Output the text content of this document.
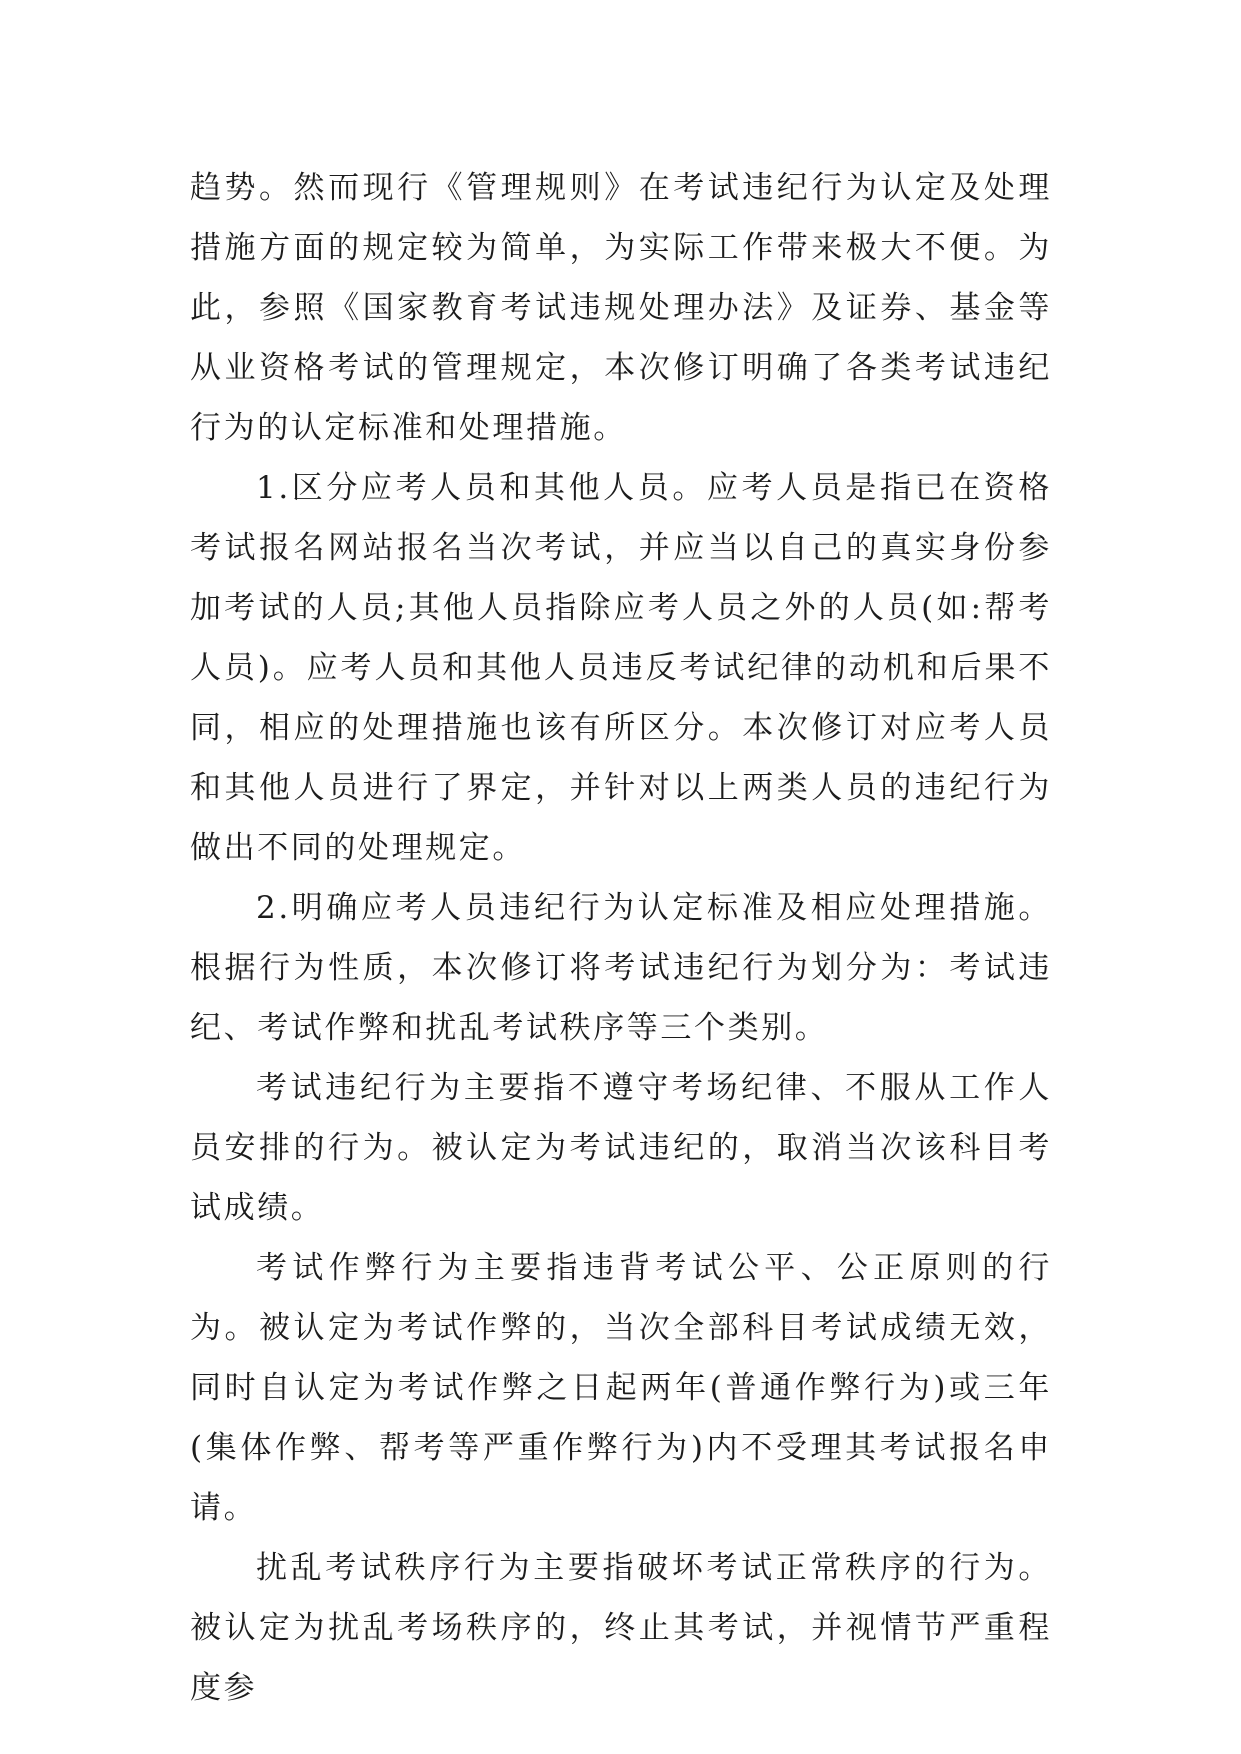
趋势。然而现行《管理规则》在考试违纪行为认定及处理措施方面的规定较为简单，为实际工作带来极大不便。为此，参照《国家教育考试违规处理办法》及证券、基金等从业资格考试的管理规定，本次修订明确了各类考试违纪行为的认定标准和处理措施。

1.区分应考人员和其他人员。应考人员是指已在资格考试报名网站报名当次考试，并应当以自己的真实身份参加考试的人员;其他人员指除应考人员之外的人员(如:帮考人员)。应考人员和其他人员违反考试纪律的动机和后果不同，相应的处理措施也该有所区分。本次修订对应考人员和其他人员进行了界定，并针对以上两类人员的违纪行为做出不同的处理规定。

2.明确应考人员违纪行为认定标准及相应处理措施。根据行为性质，本次修订将考试违纪行为划分为：考试违纪、考试作弊和扰乱考试秩序等三个类别。

考试违纪行为主要指不遵守考场纪律、不服从工作人员安排的行为。被认定为考试违纪的，取消当次该科目考试成绩。

考试作弊行为主要指违背考试公平、公正原则的行为。被认定为考试作弊的，当次全部科目考试成绩无效，同时自认定为考试作弊之日起两年(普通作弊行为)或三年(集体作弊、帮考等严重作弊行为)内不受理其考试报名申请。

扰乱考试秩序行为主要指破坏考试正常秩序的行为。被认定为扰乱考场秩序的，终止其考试，并视情节严重程度参
